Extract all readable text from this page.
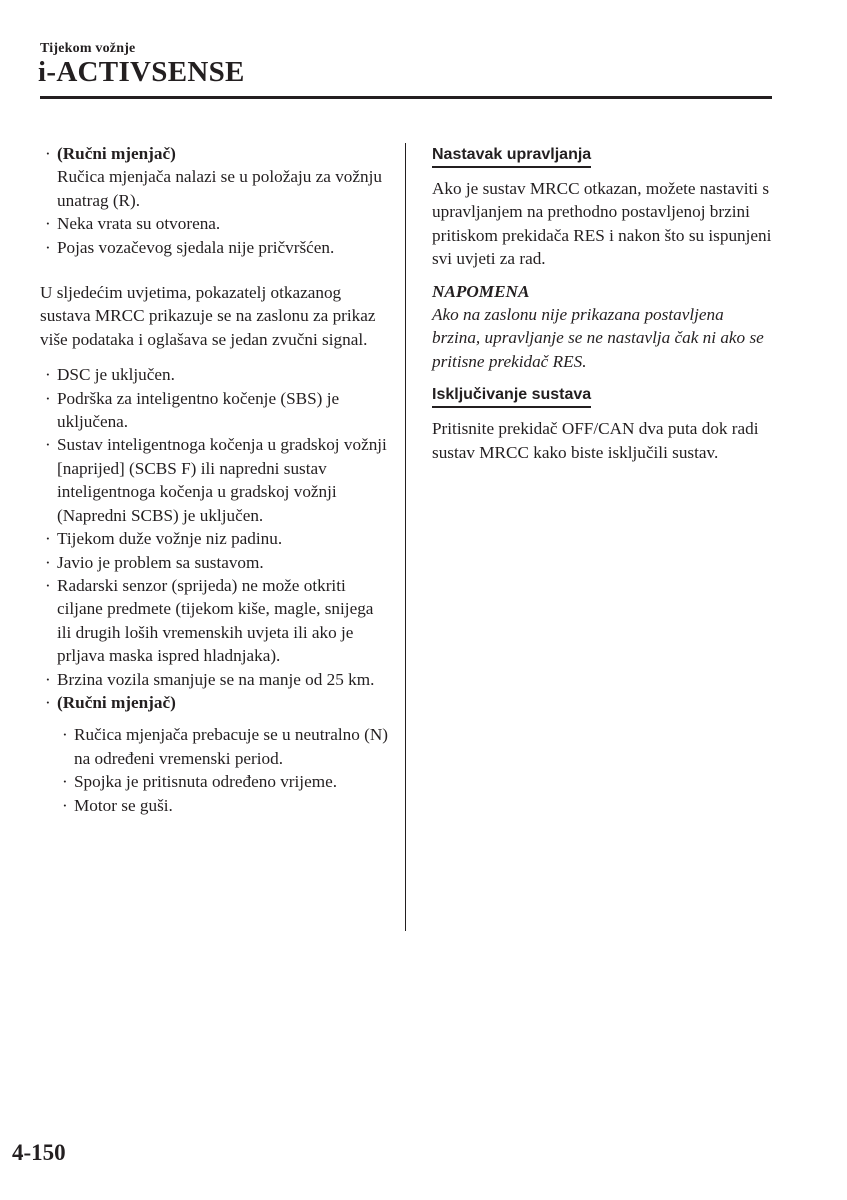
Tijekom vožnje
i-ACTIVSENSE
· (Ručni mjenjač)
Ručica mjenjača nalazi se u položaju za vožnju unatrag (R).
· Neka vrata su otvorena.
· Pojas vozačevog sjedala nije pričvršćen.

U sljedećim uvjetima, pokazatelj otkazanog sustava MRCC prikazuje se na zaslonu za prikaz više podataka i oglašava se jedan zvučni signal.

· DSC je uključen.
· Podrška za inteligentno kočenje (SBS) je uključena.
· Sustav inteligentnoga kočenja u gradskoj vožnji [naprijed] (SCBS F) ili napredni sustav inteligentnoga kočenja u gradskoj vožnji (Napredni SCBS) je uključen.
· Tijekom duže vožnje niz padinu.
· Javio je problem sa sustavom.
· Radarski senzor (sprijeda) ne može otkriti ciljane predmete (tijekom kiše, magle, snijega ili drugih loših vremenskih uvjeta ili ako je prljava maska ispred hladnjaka).
· Brzina vozila smanjuje se na manje od 25 km.
· (Ručni mjenjač)
· Ručica mjenjača prebacuje se u neutralno (N) na određeni vremenski period.
· Spojka je pritisnuta određeno vrijeme.
· Motor se guši.
Nastavak upravljanja

Ako je sustav MRCC otkazan, možete nastaviti s upravljanjem na prethodno postavljenoj brzini pritiskom prekidača RES i nakon što su ispunjeni svi uvjeti za rad.

NAPOMENA

Ako na zaslonu nije prikazana postavljena brzina, upravljanje se ne nastavlja čak ni ako se pritisne prekidač RES.

Isključivanje sustava

Pritisnite prekidač OFF/CAN dva puta dok radi sustav MRCC kako biste isključili sustav.

4-150
